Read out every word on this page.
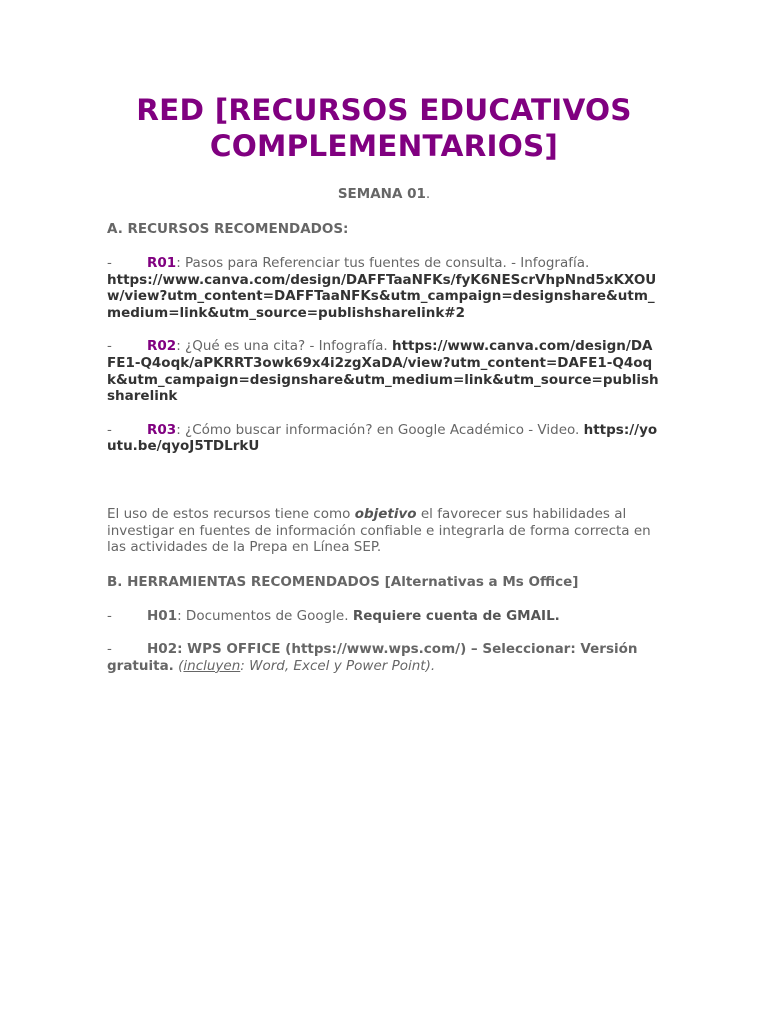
RED [RECURSOS EDUCATIVOS COMPLEMENTARIOS]

SEMANA 01.

A. RECURSOS RECOMENDADOS:

-	R01: Pasos para Referenciar tus fuentes de consulta. - Infografía.
https://www.canva.com/design/DAFFTaaNFKs/fyK6NEScrVhpNnd5xKXOUw/view?utm_content=DAFFTaaNFKs&utm_campaign=designshare&utm_medium=link&utm_source=publishsharelink#2

-	R02: ¿Qué es una cita? - Infografía. https://www.canva.com/design/DAFE1-Q4oqk/aPKRRT3owk69x4i2zgXaDA/view?utm_content=DAFE1-Q4oqk&utm_campaign=designshare&utm_medium=link&utm_source=publishsharelink

-	R03: ¿Cómo buscar información? en Google Académico - Video. https://youtu.be/qyoJ5TDLrkU

El uso de estos recursos tiene como objetivo el favorecer sus habilidades al investigar en fuentes de información confiable e integrarla de forma correcta en las actividades de la Prepa en Línea SEP.

B. HERRAMIENTAS RECOMENDADOS [Alternativas a Ms Office]

-	H01: Documentos de Google. Requiere cuenta de GMAIL.

-	H02: WPS OFFICE (https://www.wps.com/) – Seleccionar: Versión gratuita. (incluyen: Word, Excel y Power Point).
